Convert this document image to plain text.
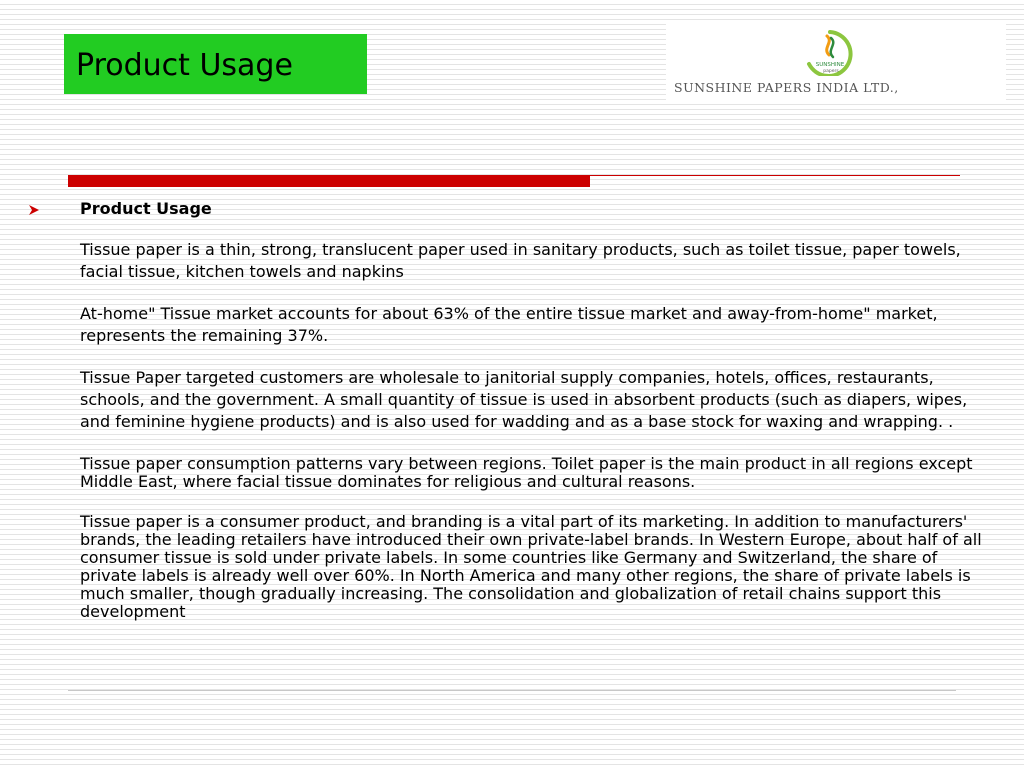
Product Usage	SUNSHINE
papers
SUNSHINE PAPERS INDIA LTD.,
Product Usage

Tissue paper is a thin, strong, translucent paper used in sanitary products, such as toilet tissue, paper towels, facial tissue, kitchen towels and napkins

At-home" Tissue market accounts for about 63% of the entire tissue market and away-from-home" market, represents the remaining 37%.

Tissue Paper targeted customers are wholesale to janitorial supply companies, hotels, offices, restaurants, schools, and the government. A small quantity of tissue is used in absorbent products (such as diapers, wipes, and feminine hygiene products) and is also used for wadding and as a base stock for waxing and wrapping. .

Tissue paper consumption patterns vary between regions. Toilet paper is the main product in all regions except Middle East, where facial tissue dominates for religious and cultural reasons.

Tissue paper is a consumer product, and branding is a vital part of its marketing. In addition to manufacturers' brands, the leading retailers have introduced their own private-label brands. In Western Europe, about half of all consumer tissue is sold under private labels. In some countries like Germany and Switzerland, the share of private labels is already well over 60%. In North America and many other regions, the share of private labels is much smaller, though gradually increasing. The consolidation and globalization of retail chains support this development
